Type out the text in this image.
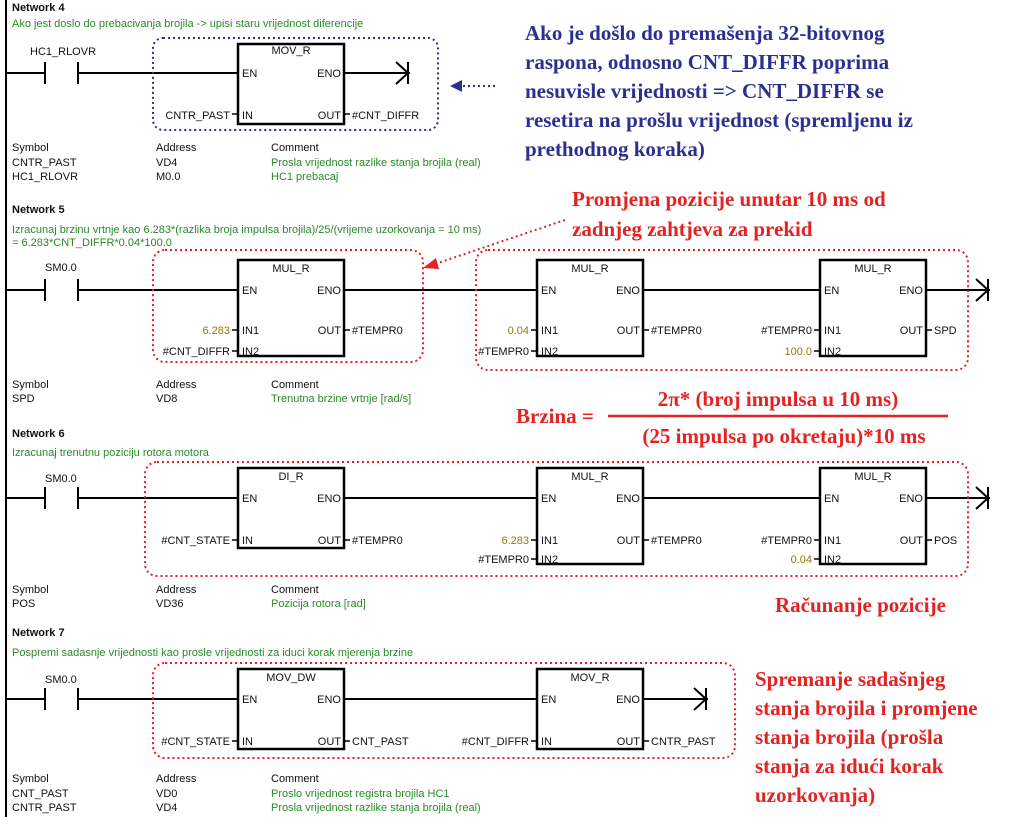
Network 4
Ako jest doslo do prebacivanja brojila -> upisi staru vrijednost diferencije
HC1_RLOVR	MOV_R
EN	ENO
IN	OUT
CNTR_PAST	#CNT_DIFFR
Symbol	Address	Comment
CNTR_PAST	VD4	Prosla vrijednost razlike stanja brojila (real)
HC1_RLOVR	M0.0	HC1 prebacaj
Network 5
Izracunaj brzinu vrtnje kao 6.283*(razlika broja impulsa brojila)/25/(vrijeme uzorkovanja = 10 ms)
= 6.283*CNT_DIFFR*0.04*100.0
SM0.0	MUL_R
EN	ENO
IN1
IN2
OUT
6.283
#CNT_DIFFR
#TEMPR0
MUL_R
EN	ENO
IN1
IN2
OUT
0.04
#TEMPR0
#TEMPR0
MUL_R
EN	ENO
IN1
IN2
OUT
#TEMPR0
100.0
SPD
Symbol	Address	Comment
SPD	VD8	Trenutna brzine vrtnje [rad/s]
Network 6
Izracunaj trenutnu poziciju rotora motora
SM0.0	DI_R
EN	ENO
IN	OUT
#CNT_STATE	#TEMPR0
MUL_R
EN	ENO
IN1
IN2
OUT
6.283
#TEMPR0
#TEMPR0
MUL_R
EN	ENO
IN1
IN2
OUT
#TEMPR0
0.04
POS
Symbol	Address	Comment
POS	VD36	Pozicija rotora [rad]
Network 7
Pospremi sadasnje vrijednosti kao prosle vrijednosti za iduci korak mjerenja brzine
SM0.0	MOV_DW
EN	ENO
IN	OUT
#CNT_STATE	CNT_PAST
MOV_R
EN	ENO
IN	OUT
#CNT_DIFFR	CNTR_PAST
Symbol	Address	Comment
CNT_PAST	VD0	Proslo vrijednost registra brojila HC1
CNTR_PAST	VD4	Prosla vrijednost razlike stanja brojila (real)
Ako je došlo do premašenja 32-bitovnog
raspona, odnosno CNT_DIFFR poprima
nesuvisle vrijednosti => CNT_DIFFR se
resetira na prošlu vrijednost (spremljenu iz
prethodnog koraka)
Promjena pozicije unutar 10 ms od
zadnjeg zahtjeva za prekid
Brzina =
2π* (broj impulsa u 10 ms)
(25 impulsa po okretaju)*10 ms
Računanje pozicije
Spremanje sadašnjeg
stanja brojila i promjene
stanja brojila (prošla
stanja za idući korak
uzorkovanja)
